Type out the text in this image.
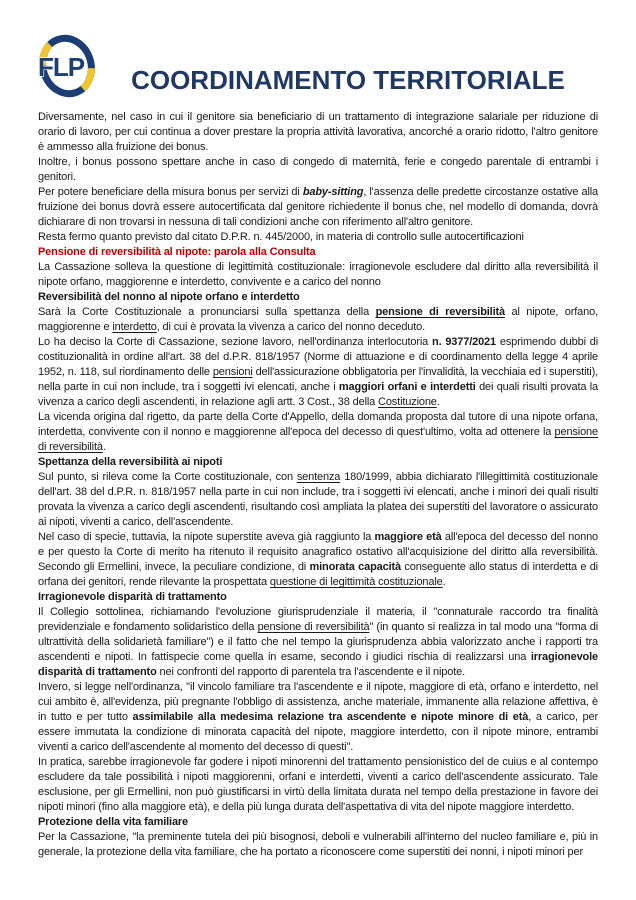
FLP	COORDINAMENTO TERRITORIALE

Diversamente, nel caso in cui il genitore sia beneficiario di un trattamento di integrazione salariale per riduzione di orario di lavoro, per cui continua a dover prestare la propria attività lavorativa, ancorché a orario ridotto, l'altro genitore è ammesso alla fruizione dei bonus.

Inoltre, i bonus possono spettare anche in caso di congedo di maternità, ferie e congedo parentale di entrambi i genitori.

Per potere beneficiare della misura bonus per servizi di baby-sitting, l'assenza delle predette circostanze ostative alla fruizione dei bonus dovrà essere autocertificata dal genitore richiedente il bonus che, nel modello di domanda, dovrà dichiarare di non trovarsi in nessuna di tali condizioni anche con riferimento all'altro genitore.

Resta fermo quanto previsto dal citato D.P.R. n. 445/2000, in materia di controllo sulle autocertificazioni

Pensione di reversibilità al nipote: parola alla Consulta

La Cassazione solleva la questione di legittimità costituzionale: irragionevole escludere dal diritto alla reversibilità il nipote orfano, maggiorenne e interdetto, convivente e a carico del nonno

Reversibilità del nonno al nipote orfano e interdetto

Sarà la Corte Costituzionale a pronunciarsi sulla spettanza della pensione di reversibilità al nipote, orfano, maggiorenne e interdetto, di cui è provata la vivenza a carico del nonno deceduto.

Lo ha deciso la Corte di Cassazione, sezione lavoro, nell'ordinanza interlocutoria n. 9377/2021 esprimendo dubbi di costituzionalità in ordine all'art. 38 del d.P.R. 818/1957 (Norme di attuazione e di coordinamento della legge 4 aprile 1952, n. 118, sul riordinamento delle pensioni dell'assicurazione obbligatoria per l'invalidità, la vecchiaia ed i superstiti), nella parte in cui non include, tra i soggetti ivi elencati, anche i maggiori orfani e interdetti dei quali risulti provata la vivenza a carico degli ascendenti, in relazione agli artt. 3 Cost., 38 della Costituzione.

La vicenda origina dal rigetto, da parte della Corte d'Appello, della domanda proposta dal tutore di una nipote orfana, interdetta, convivente con il nonno e maggiorenne all'epoca del decesso di quest'ultimo, volta ad ottenere la pensione di reversibilità.

Spettanza della reversibilità ai nipoti

Sul punto, si rileva come la Corte costituzionale, con sentenza 180/1999, abbia dichiarato l'illegittimità costituzionale dell'art. 38 del d.P.R. n. 818/1957 nella parte in cui non include, tra i soggetti ivi elencati, anche i minori dei quali risulti provata la vivenza a carico degli ascendenti, risultando così ampliata la platea dei superstiti del lavoratore o assicurato ai nipoti, viventi a carico, dell'ascendente.

Nel caso di specie, tuttavia, la nipote superstite aveva già raggiunto la maggiore età all'epoca del decesso del nonno e per questo la Corte di merito ha ritenuto il requisito anagrafico ostativo all'acquisizione del diritto alla reversibilità. Secondo gli Ermellini, invece, la peculiare condizione, di minorata capacità conseguente allo status di interdetta e di orfana dei genitori, rende rilevante la prospettata questione di legittimità costituzionale.

Irragionevole disparità di trattamento

Il Collegio sottolinea, richiamando l'evoluzione giurisprudenziale il materia, il "connaturale raccordo tra finalità previdenziale e fondamento solidaristico della pensione di reversibilità" (in quanto si realizza in tal modo una "forma di ultrattività della solidarietà familiare") e il fatto che nel tempo la giurisprudenza abbia valorizzato anche i rapporti tra ascendenti e nipoti. In fattispecie come quella in esame, secondo i giudici rischia di realizzarsi una irragionevole disparità di trattamento nei confronti del rapporto di parentela tra l'ascendente e il nipote.

Invero, si legge nell'ordinanza, "il vincolo familiare tra l'ascendente e il nipote, maggiore di età, orfano e interdetto, nel cui ambito è, all'evidenza, più pregnante l'obbligo di assistenza, anche materiale, immanente alla relazione affettiva, è in tutto e per tutto assimilabile alla medesima relazione tra ascendente e nipote minore di età, a carico, per essere immutata la condizione di minorata capacità del nipote, maggiore interdetto, con il nipote minore, entrambi viventi a carico dell'ascendente al momento del decesso di questi".

In pratica, sarebbe irragionevole far godere i nipoti minorenni del trattamento pensionistico del de cuius e al contempo escludere da tale possibilità i nipoti maggiorenni, orfani e interdetti, viventi a carico dell'ascendente assicurato. Tale esclusione, per gli Ermellini, non può giustificarsi in virtù della limitata durata nel tempo della prestazione in favore dei nipoti minori (fino alla maggiore età), e della più lunga durata dell'aspettativa di vita del nipote maggiore interdetto.

Protezione della vita familiare

Per la Cassazione, "la preminente tutela dei più bisognosi, deboli e vulnerabili all'interno del nucleo familiare e, più in generale, la protezione della vita familiare, che ha portato a riconoscere come superstiti dei nonni, i nipoti minori per
